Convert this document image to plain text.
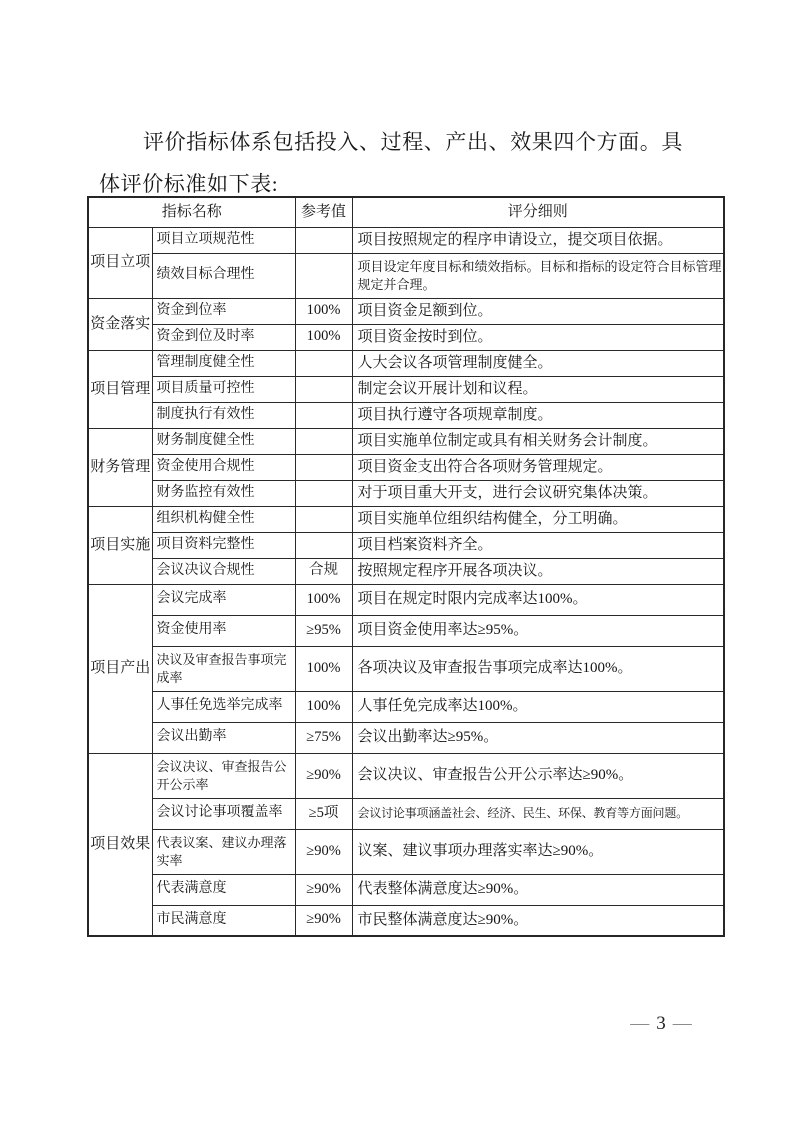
评价指标体系包括投入、过程、产出、效果四个方面。具
体评价标准如下表:
指标名称		参考值	评分细则
项目立项	项目立项规范性		项目按照规定的程序申请设立，提交项目依据。
	绩效目标合理性		项目设定年度目标和绩效指标。目标和指标的设定符合目标管理规定并合理。
资金落实	资金到位率	100%	项目资金足额到位。
	资金到位及时率	100%	项目资金按时到位。
项目管理	管理制度健全性		人大会议各项管理制度健全。
	项目质量可控性		制定会议开展计划和议程。
	制度执行有效性		项目执行遵守各项规章制度。
财务管理	财务制度健全性		项目实施单位制定或具有相关财务会计制度。
	资金使用合规性		项目资金支出符合各项财务管理规定。
	财务监控有效性		对于项目重大开支，进行会议研究集体决策。
项目实施	组织机构健全性		项目实施单位组织结构健全，分工明确。
	项目资料完整性		项目档案资料齐全。
	会议决议合规性	合规	按照规定程序开展各项决议。
项目产出	会议完成率	100%	项目在规定时限内完成率达100%。
	资金使用率	≥95%	项目资金使用率达≥95%。
	决议及审查报告事项完成率	100%	各项决议及审查报告事项完成率达100%。
	人事任免选举完成率	100%	人事任免完成率达100%。
	会议出勤率	≥75%	会议出勤率达≥95%。
项目效果	会议决议、审查报告公开公示率	≥90%	会议决议、审查报告公开公示率达≥90%。
	会议讨论事项覆盖率	≥5项	会议讨论事项涵盖社会、经济、民生、环保、教育等方面问题。
	代表议案、建议办理落实率	≥90%	议案、建议事项办理落实率达≥90%。
	代表满意度	≥90%	代表整体满意度达≥90%。
	市民满意度	≥90%	市民整体满意度达≥90%。
— 3 —
